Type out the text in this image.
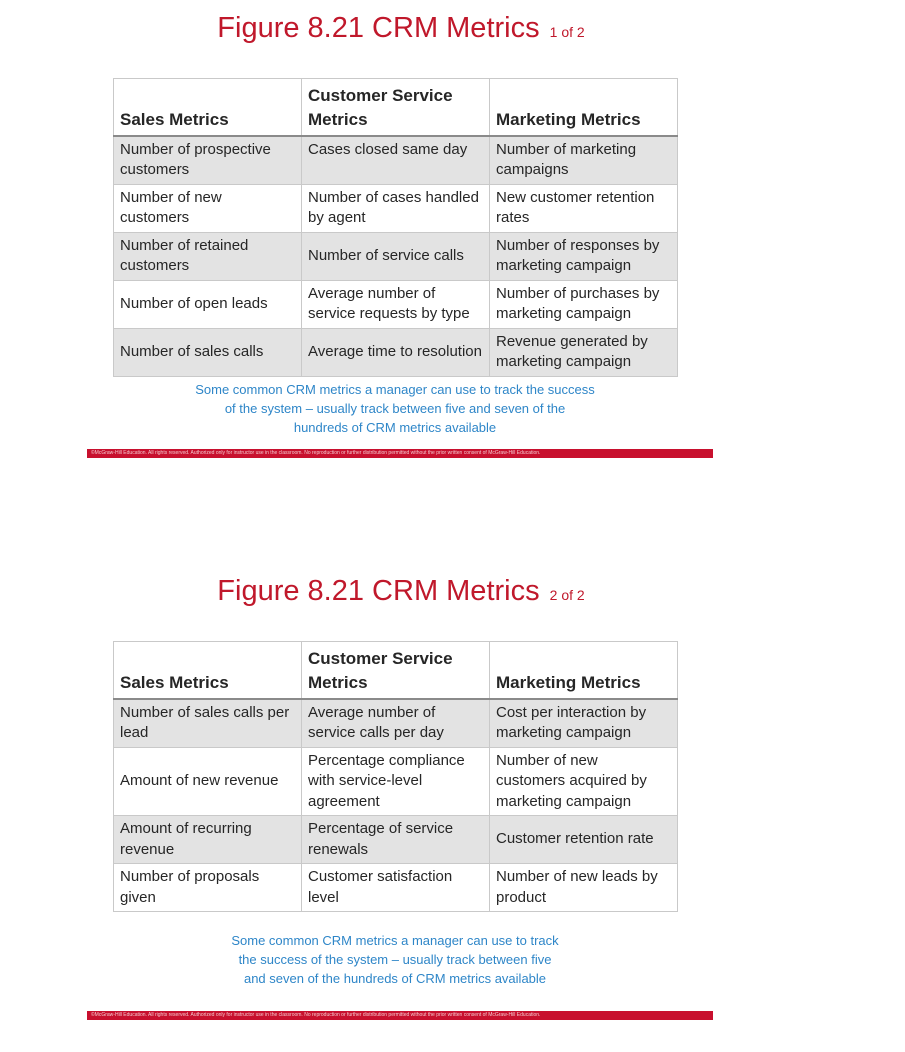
Figure 8.21 CRM Metrics 1 of 2
Sales Metrics	Customer Service Metrics	Marketing Metrics
Number of prospective customers	Cases closed same day	Number of marketing campaigns
Number of new customers	Number of cases handled by agent	New customer retention rates
Number of retained customers	Number of service calls	Number of responses by marketing campaign
Number of open leads	Average number of service requests by type	Number of purchases by marketing campaign
Number of sales calls	Average time to resolution	Revenue generated by marketing campaign
Some common CRM metrics a manager can use to track the success
of the system – usually track between five and seven of the
hundreds of CRM metrics available
©McGraw-Hill Education. All rights reserved. Authorized only for instructor use in the classroom. No reproduction or further distribution permitted without the prior written consent of McGraw-Hill Education.
Figure 8.21 CRM Metrics 2 of 2
Sales Metrics	Customer Service Metrics	Marketing Metrics
Number of sales calls per lead	Average number of service calls per day	Cost per interaction by marketing campaign
Amount of new revenue	Percentage compliance with service-level agreement	Number of new customers acquired by marketing campaign
Amount of recurring revenue	Percentage of service renewals	Customer retention rate
Number of proposals given	Customer satisfaction level	Number of new leads by product
Some common CRM metrics a manager can use to track
the success of the system – usually track between five
and seven of the hundreds of CRM metrics available
©McGraw-Hill Education. All rights reserved. Authorized only for instructor use in the classroom. No reproduction or further distribution permitted without the prior written consent of McGraw-Hill Education.
